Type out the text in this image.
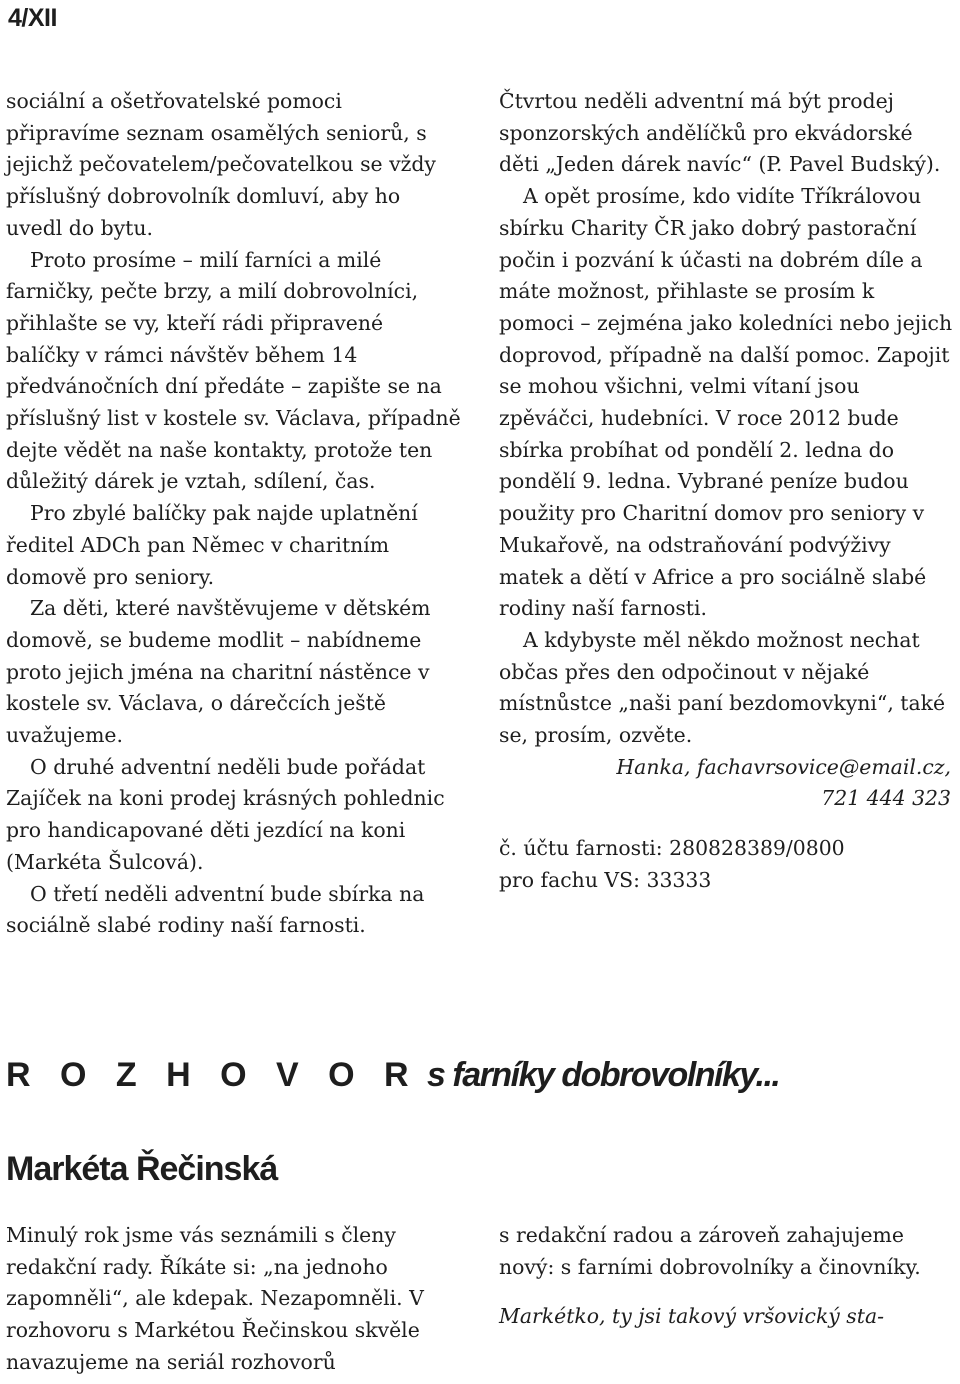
4/XII

sociální a ošetřovatelské pomoci připravíme seznam osamělých seniorů, s jejichž pečovatelem/pečovatelkou se vždy příslušný dobrovolník domluví, aby ho uvedl do bytu.

Proto prosíme – milí farníci a milé farničky, pečte brzy, a milí dobrovolníci, přihlašte se vy, kteří rádi připravené balíčky v rámci návštěv během 14 předvánočních dní předáte – zapište se na příslušný list v kostele sv. Václava, případně dejte vědět na naše kontakty, protože ten důležitý dárek je vztah, sdílení, čas.

Pro zbylé balíčky pak najde uplatnění ředitel ADCh pan Němec v charitním domově pro seniory.

Za děti, které navštěvujeme v dětském domově, se budeme modlit – nabídneme proto jejich jména na charitní nástěnce v kostele sv. Václava, o dárečcích ještě uvažujeme.

O druhé adventní neděli bude pořádat Zajíček na koni prodej krásných pohlednic pro handicapované děti jezdící na koni (Markéta Šulcová).

O třetí neděli adventní bude sbírka na sociálně slabé rodiny naší farnosti.

Čtvrtou neděli adventní má být prodej sponzorských andělíčků pro ekvádorské děti „Jeden dárek navíc“ (P. Pavel Budský).

A opět prosíme, kdo vidíte Tříkrálovou sbírku Charity ČR jako dobrý pastorační počin i pozvání k účasti na dobrém díle a máte možnost, přihlaste se prosím k pomoci – zejména jako koledníci nebo jejich doprovod, případně na další pomoc. Zapojit se mohou všichni, velmi vítaní jsou zpěváčci, hudebníci. V roce 2012 bude sbírka probíhat od pondělí 2. ledna do pondělí 9. ledna. Vybrané peníze budou použity pro Charitní domov pro seniory v Mukařově, na odstraňování podvýživy matek a dětí v Africe a pro sociálně slabé rodiny naší farnosti.

A kdybyste měl někdo možnost nechat občas přes den odpočinout v nějaké místnůstce „naši paní bezdomovkyni“, také se, prosím, ozvěte.

Hanka, fachavrsovice@email.cz,

721 444 323

č. účtu farnosti: 280828389/0800

pro fachu VS: 33333

R O Z H O V O R s farníky dobrovolníky...
Markéta Řečinská

Minulý rok jsme vás seznámili s členy redakční rady. Říkáte si: „na jednoho zapomněli“, ale kdepak. Nezapomněli. V rozhovoru s Markétou Řečinskou skvěle navazujeme na seriál rozhovorů

s redakční radou a zároveň zahajujeme nový: s farními dobrovolníky a činovníky.

Markétko, ty jsi takový vršovický sta-
